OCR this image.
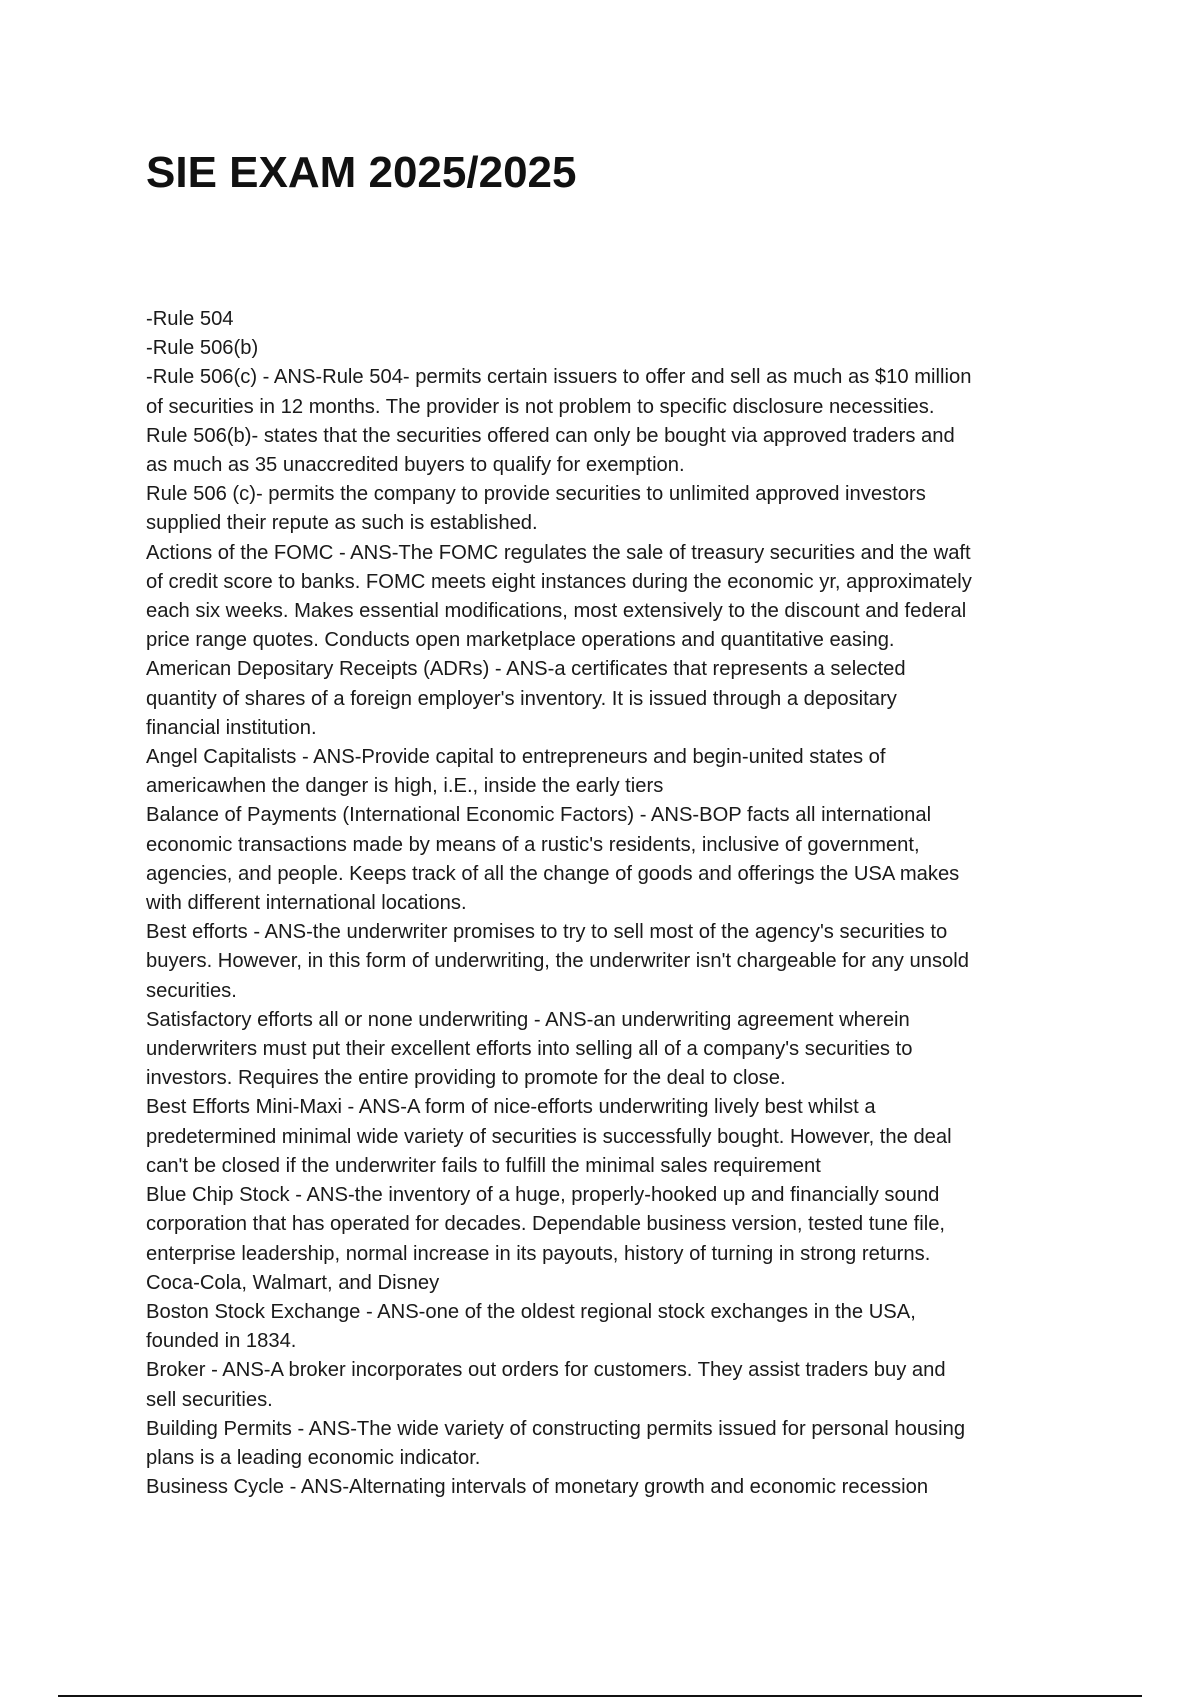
SIE EXAM 2025/2025
-Rule 504
-Rule 506(b)
-Rule 506(c) - ANS-Rule 504- permits certain issuers to offer and sell as much as $10 million
of securities in 12 months. The provider is not problem to specific disclosure necessities.
Rule 506(b)- states that the securities offered can only be bought via approved traders and
as much as 35 unaccredited buyers to qualify for exemption.
Rule 506 (c)- permits the company to provide securities to unlimited approved investors
supplied their repute as such is established.
Actions of the FOMC - ANS-The FOMC regulates the sale of treasury securities and the waft
of credit score to banks. FOMC meets eight instances during the economic yr, approximately
each six weeks. Makes essential modifications, most extensively to the discount and federal
price range quotes. Conducts open marketplace operations and quantitative easing.
American Depositary Receipts (ADRs) - ANS-a certificates that represents a selected
quantity of shares of a foreign employer's inventory. It is issued through a depositary
financial institution.
Angel Capitalists - ANS-Provide capital to entrepreneurs and begin-united states of
americawhen the danger is high, i.E., inside the early tiers
Balance of Payments (International Economic Factors) - ANS-BOP facts all international
economic transactions made by means of a rustic's residents, inclusive of government,
agencies, and people. Keeps track of all the change of goods and offerings the USA makes
with different international locations.
Best efforts - ANS-the underwriter promises to try to sell most of the agency's securities to
buyers. However, in this form of underwriting, the underwriter isn't chargeable for any unsold
securities.
Satisfactory efforts all or none underwriting - ANS-an underwriting agreement wherein
underwriters must put their excellent efforts into selling all of a company's securities to
investors. Requires the entire providing to promote for the deal to close.
Best Efforts Mini-Maxi - ANS-A form of nice-efforts underwriting lively best whilst a
predetermined minimal wide variety of securities is successfully bought. However, the deal
can't be closed if the underwriter fails to fulfill the minimal sales requirement
Blue Chip Stock - ANS-the inventory of a huge, properly-hooked up and financially sound
corporation that has operated for decades. Dependable business version, tested tune file,
enterprise leadership, normal increase in its payouts, history of turning in strong returns.
Coca-Cola, Walmart, and Disney
Boston Stock Exchange - ANS-one of the oldest regional stock exchanges in the USA,
founded in 1834.
Broker - ANS-A broker incorporates out orders for customers. They assist traders buy and
sell securities.
Building Permits - ANS-The wide variety of constructing permits issued for personal housing
plans is a leading economic indicator.
Business Cycle - ANS-Alternating intervals of monetary growth and economic recession
